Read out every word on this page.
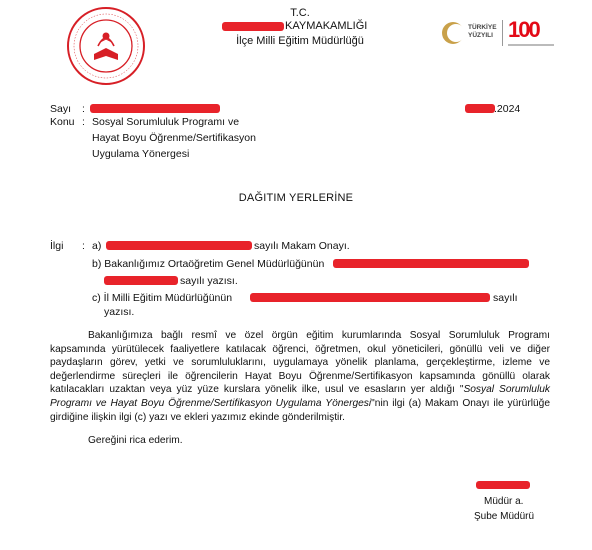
T.C.
KAYMAKAMLIĞI
İlçe Milli Eğitim Müdürlüğü
TÜRKİYE
YÜZYILI 100
Sayı :	.2024
Konu : Sosyal Sorumluluk Programı ve
Hayat Boyu Öğrenme/Sertifikasyon
Uygulama Yönergesi
DAĞITIM YERLERİNE
İlgi : a)	sayılı Makam Onayı.
b) Bakanlığımız Ortaöğretim Genel Müdürlüğünün
sayılı yazısı.
c) İl Milli Eğitim Müdürlüğünün	sayılı
yazısı.
Bakanlığımıza bağlı resmî ve özel örgün eğitim kurumlarında Sosyal Sorumluluk Programı kapsamında yürütülecek faaliyetlere katılacak öğrenci, öğretmen, okul yöneticileri, gönüllü veli ve diğer paydaşların görev, yetki ve sorumluluklarını, uygulamaya yönelik planlama, gerçekleştirme, izleme ve değerlendirme süreçleri ile öğrencilerin Hayat Boyu Öğrenme/Sertifikasyon kapsamında gönüllü olarak katılacakları uzaktan veya yüz yüze kurslara yönelik ilke, usul ve esasların yer aldığı "Sosyal Sorumluluk Programı ve Hayat Boyu Öğrenme/Sertifikasyon Uygulama Yönergesi"nin ilgi (a) Makam Onayı ile yürürlüğe girdiğine ilişkin ilgi (c) yazı ve ekleri yazımız ekinde gönderilmiştir.
Gereğini rica ederim.
Müdür a.
Şube Müdürü
